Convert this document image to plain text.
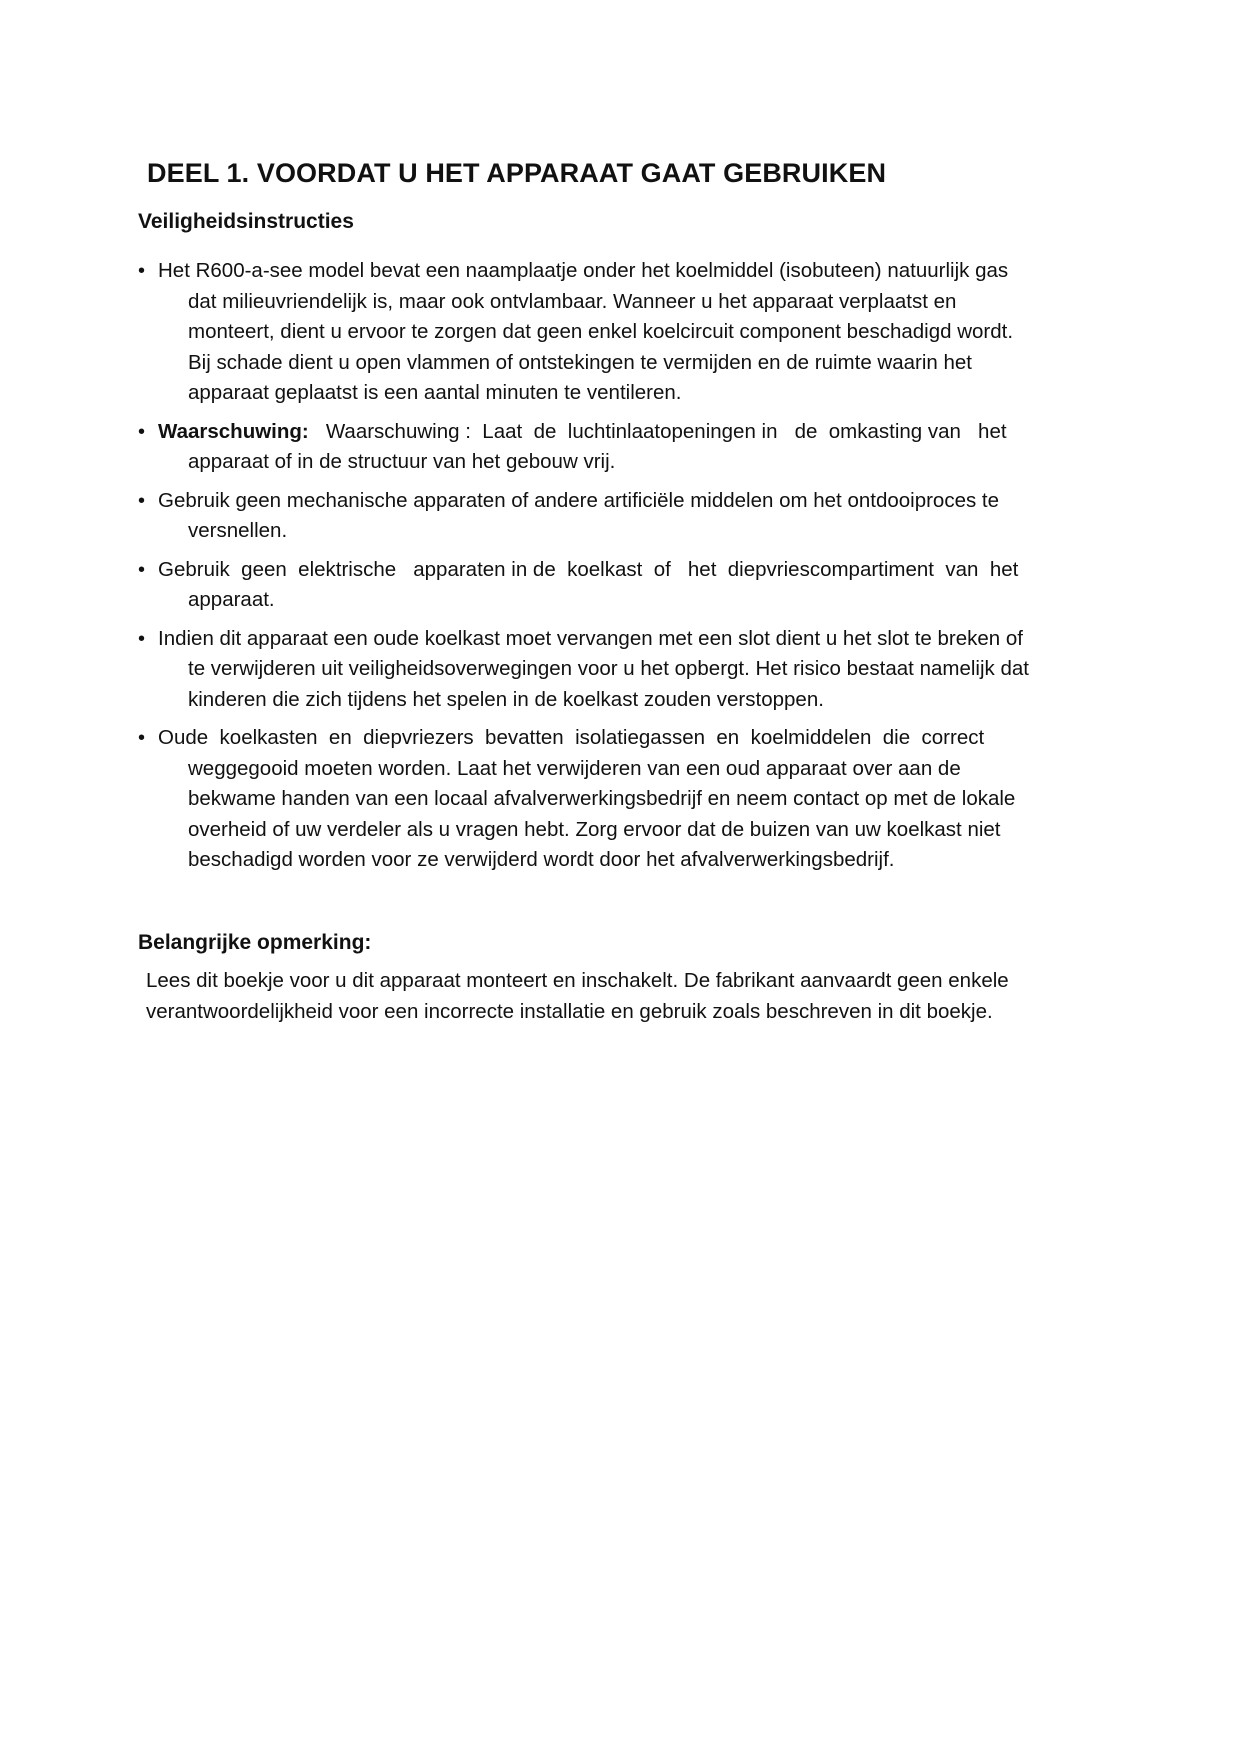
DEEL 1. VOORDAT U HET APPARAAT GAAT GEBRUIKEN
Veiligheidsinstructies
• Het R600-a-see model bevat een naamplaatje onder het koelmiddel (isobuteen) natuurlijk gas
dat milieuvriendelijk is, maar ook ontvlambaar. Wanneer u het apparaat verplaatst en
monteert, dient u ervoor te zorgen dat geen enkel koelcircuit component beschadigd wordt.
Bij schade dient u open vlammen of ontstekingen te vermijden en de ruimte waarin het
apparaat geplaatst is een aantal minuten te ventileren.
• Waarschuwing: Waarschuwing :  Laat  de  luchtinlaatopeningen in   de  omkasting van   het
apparaat of in de structuur van het gebouw vrij.
• Gebruik geen mechanische apparaten of andere artificiële middelen om het ontdooiproces te
versnellen.
• Gebruik  geen  elektrische   apparaten in de  koelkast  of   het  diepvriescompartiment  van  het
apparaat.
• Indien dit apparaat een oude koelkast moet vervangen met een slot dient u het slot te breken of
te verwijderen uit veiligheidsoverwegingen voor u het opbergt. Het risico bestaat namelijk dat
kinderen die zich tijdens het spelen in de koelkast zouden verstoppen.
• Oude  koelkasten  en  diepvriezers  bevatten  isolatiegassen  en  koelmiddelen  die  correct
weggegooid moeten worden. Laat het verwijderen van een oud apparaat over aan de
bekwame handen van een locaal afvalverwerkingsbedrijf en neem contact op met de lokale
overheid of uw verdeler als u vragen hebt. Zorg ervoor dat de buizen van uw koelkast niet
beschadigd worden voor ze verwijderd wordt door het afvalverwerkingsbedrijf.
Belangrijke opmerking:
Lees dit boekje voor u dit apparaat monteert en inschakelt. De fabrikant aanvaardt geen enkele
verantwoordelijkheid voor een incorrecte installatie en gebruik zoals beschreven in dit boekje.
